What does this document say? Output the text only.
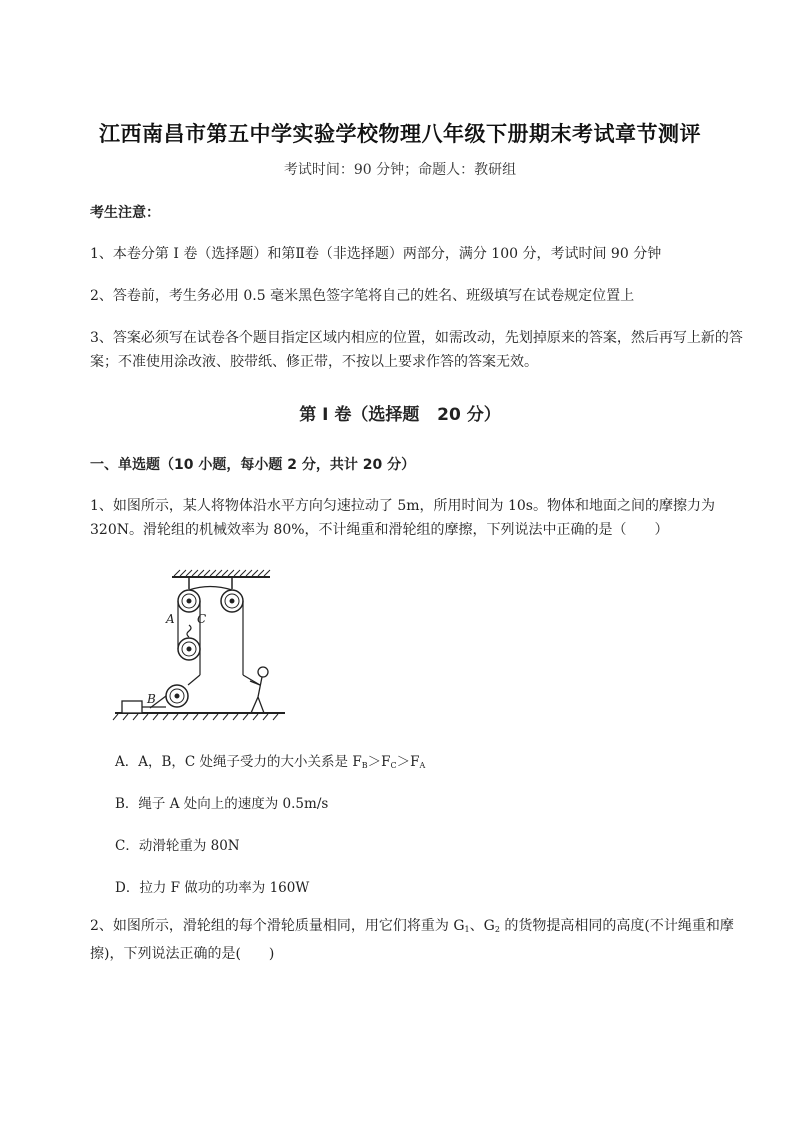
江西南昌市第五中学实验学校物理八年级下册期末考试章节测评
考试时间：90 分钟；命题人：教研组
考生注意：
1、本卷分第 I 卷（选择题）和第Ⅱ卷（非选择题）两部分，满分 100 分，考试时间 90 分钟
2、答卷前，考生务必用 0.5 毫米黑色签字笔将自己的姓名、班级填写在试卷规定位置上
3、答案必须写在试卷各个题目指定区域内相应的位置，如需改动，先划掉原来的答案，然后再写上新的答案；不准使用涂改液、胶带纸、修正带，不按以上要求作答的答案无效。
第 I 卷（选择题   20 分）
一、单选题（10 小题，每小题 2 分，共计 20 分）
1、如图所示，某人将物体沿水平方向匀速拉动了 5m，所用时间为 10s。物体和地面之间的摩擦力为 320N。滑轮组的机械效率为 80%，不计绳重和滑轮组的摩擦，下列说法中正确的是（　　）
A C
B
A．A，B，C 处绳子受力的大小关系是 $F_B>F_C>F_A$
B．绳子 A 处向上的速度为 0.5m/s
C．动滑轮重为 80N
D．拉力 F 做功的功率为 160W
2、如图所示，滑轮组的每个滑轮质量相同，用它们将重为 $G_1$、$G_2$ 的货物提高相同的高度(不计绳重和摩擦)，下列说法正确的是(　　)
